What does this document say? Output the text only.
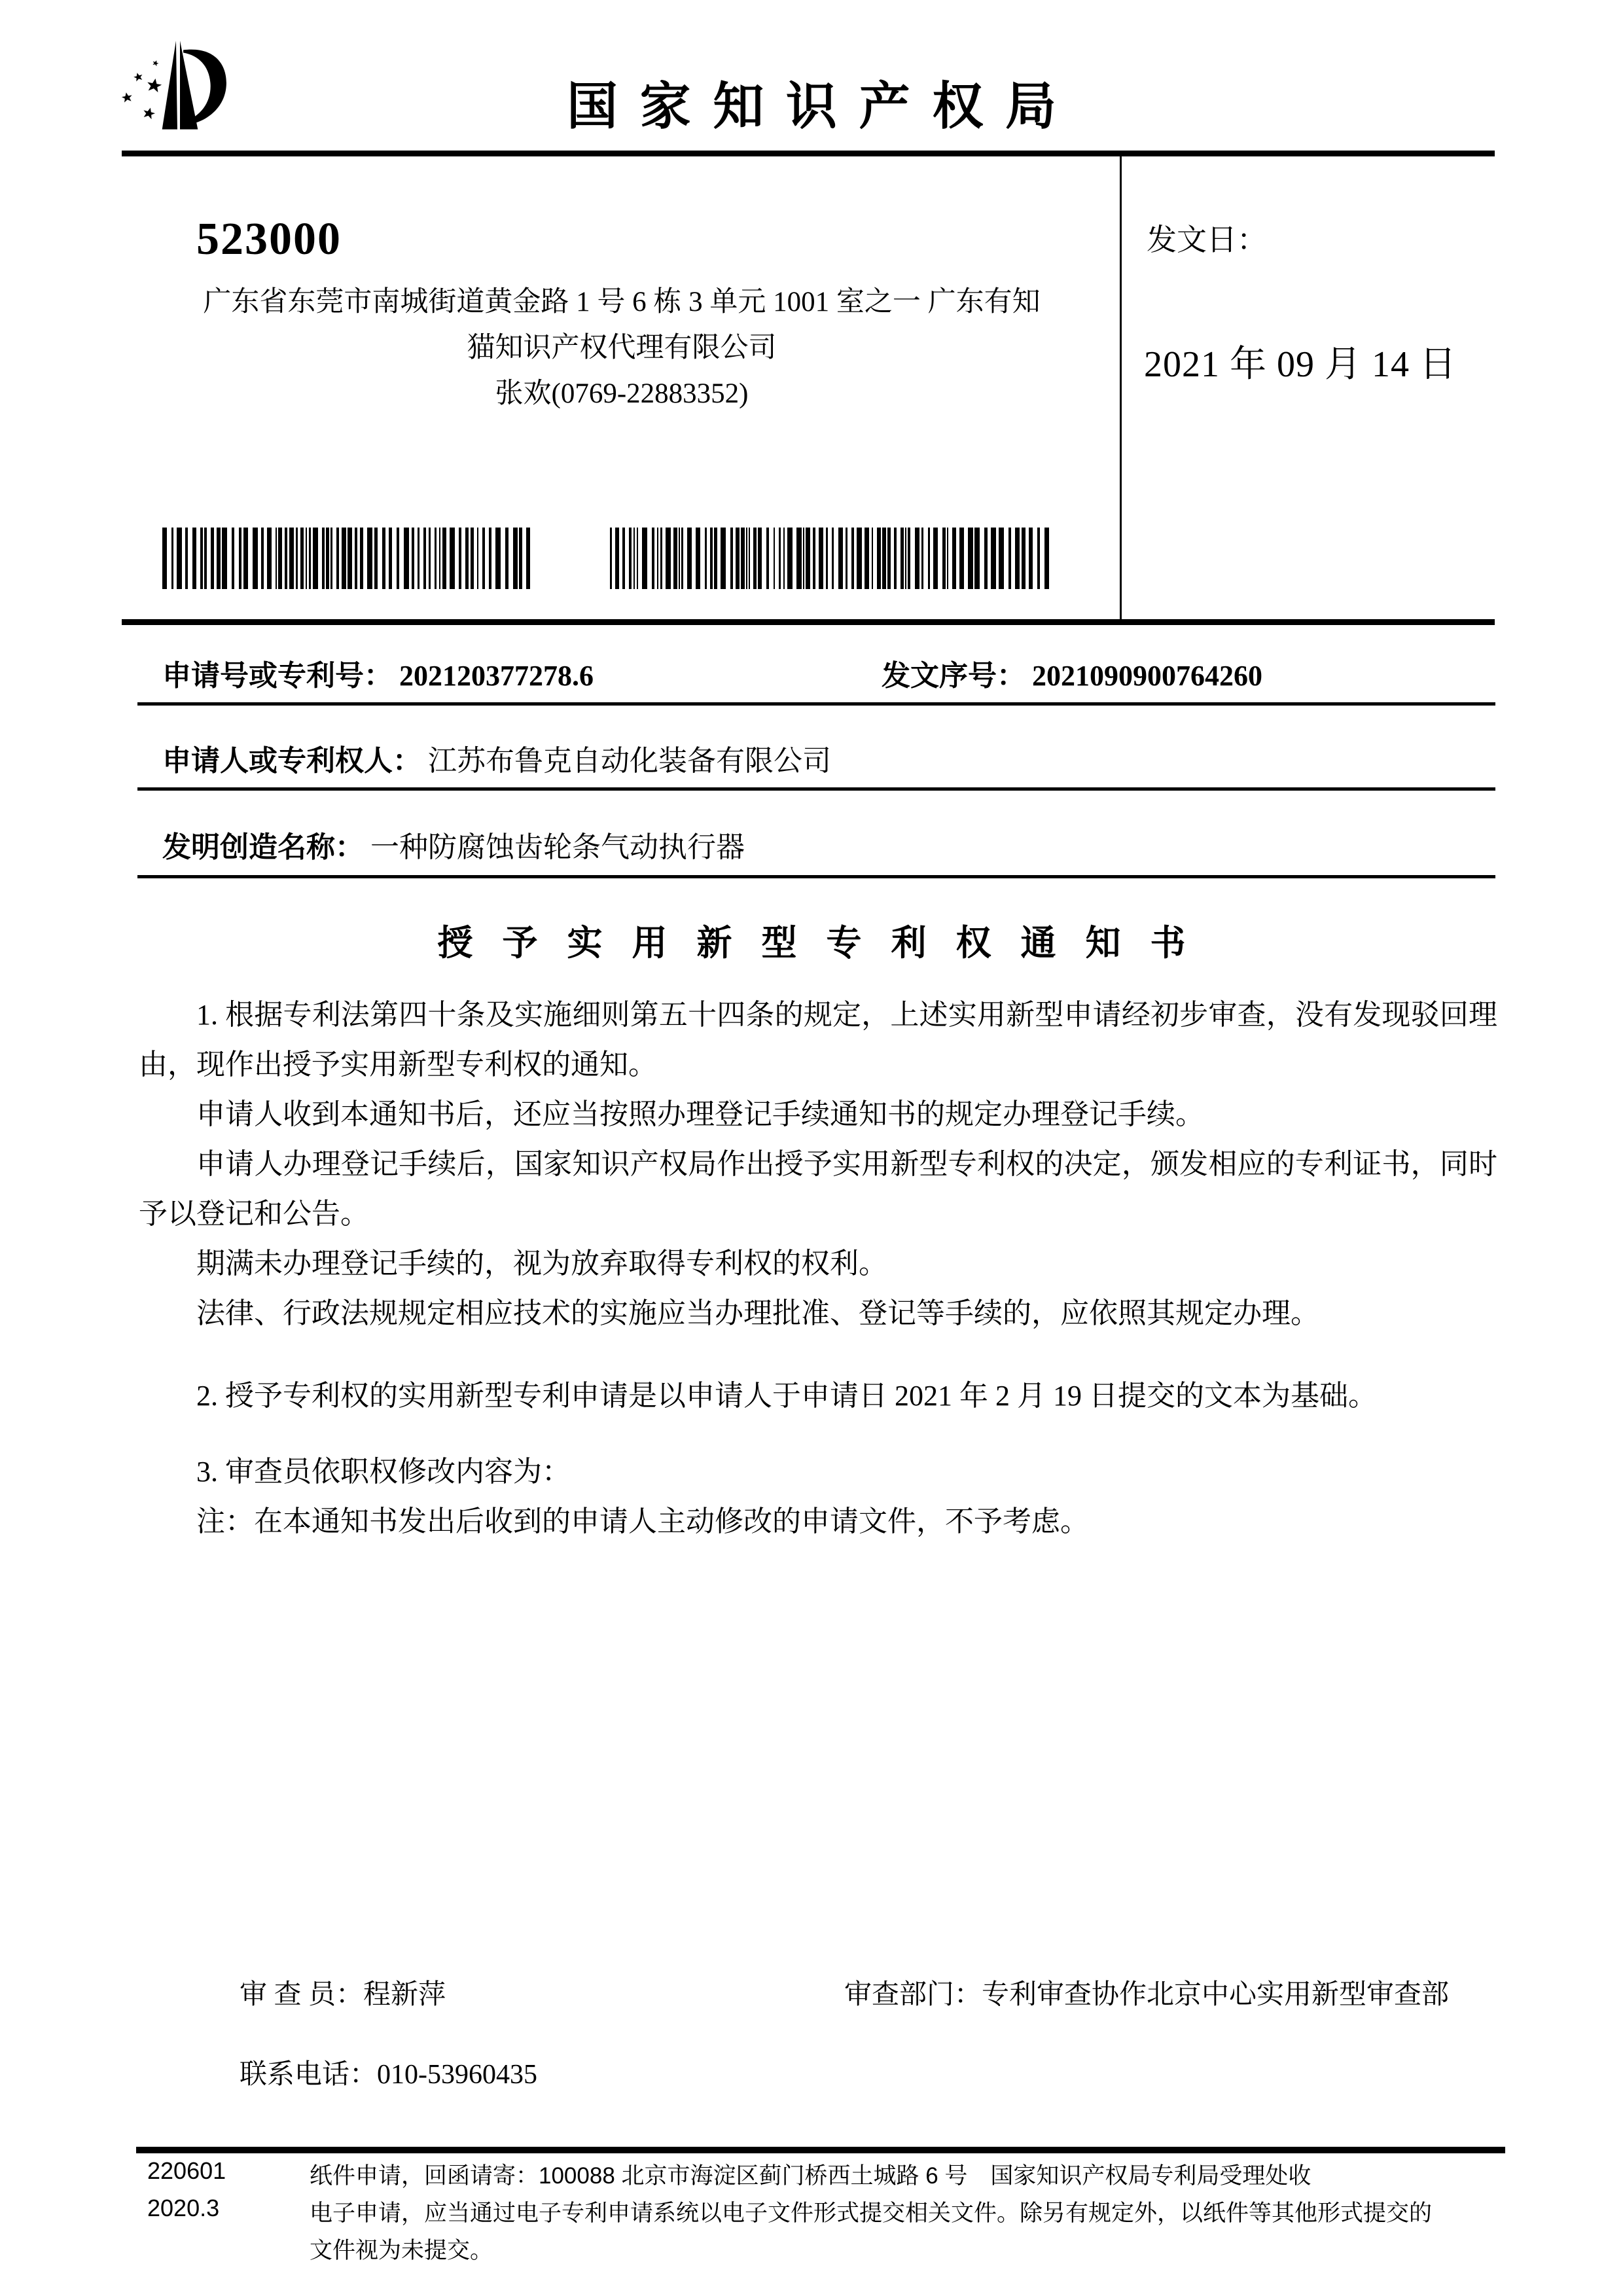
国 家 知 识 产 权 局
523000
广东省东莞市南城街道黄金路 1 号 6 栋 3 单元 1001 室之一 广东有知
猫知识产权代理有限公司
张欢(0769-22883352)
发文日：
2021 年 09 月 14 日
申请号或专利号： 202120377278.6	发文序号： 2021090900764260
申请人或专利权人： 江苏布鲁克自动化装备有限公司
发明创造名称： 一种防腐蚀齿轮条气动执行器
授 予 实 用 新 型 专 利 权 通 知 书

1. 根据专利法第四十条及实施细则第五十四条的规定，上述实用新型申请经初步审查，没有发现驳回理由，现作出授予实用新型专利权的通知。

申请人收到本通知书后，还应当按照办理登记手续通知书的规定办理登记手续。

申请人办理登记手续后，国家知识产权局作出授予实用新型专利权的决定，颁发相应的专利证书，同时予以登记和公告。

期满未办理登记手续的，视为放弃取得专利权的权利。

法律、行政法规规定相应技术的实施应当办理批准、登记等手续的，应依照其规定办理。

2. 授予专利权的实用新型专利申请是以申请人于申请日 2021 年 2 月 19 日提交的文本为基础。

3. 审查员依职权修改内容为：

注：在本通知书发出后收到的申请人主动修改的申请文件，不予考虑。

审 查 员：程新萍	审查部门：专利审查协作北京中心实用新型审查部
联系电话：010-53960435
220601
2020.3
纸件申请，回函请寄：100088 北京市海淀区蓟门桥西土城路 6 号　国家知识产权局专利局受理处收
电子申请，应当通过电子专利申请系统以电子文件形式提交相关文件。除另有规定外，以纸件等其他形式提交的
文件视为未提交。
